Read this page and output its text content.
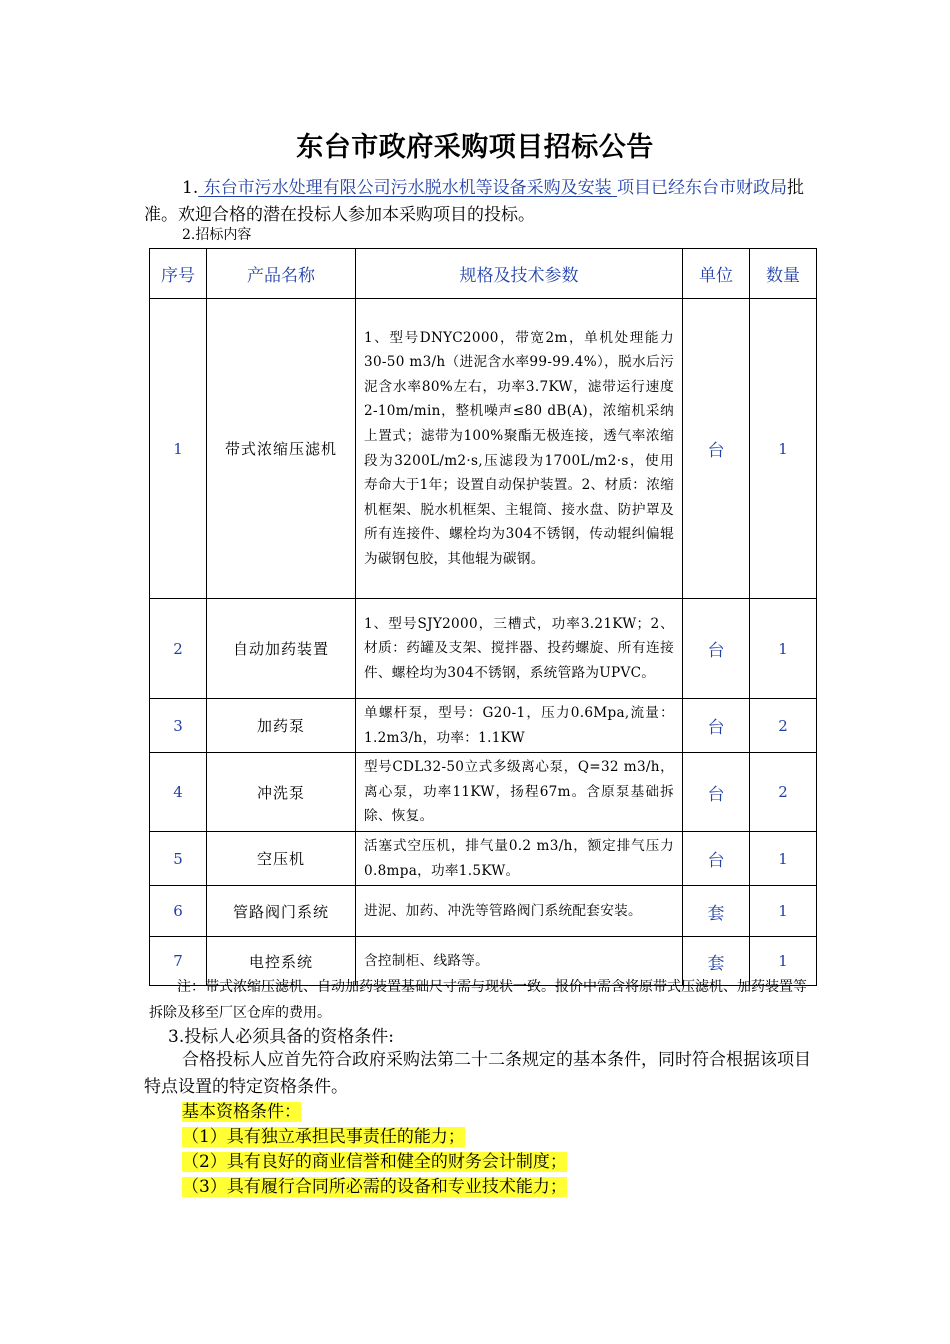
东台市政府采购项目招标公告
1. 东台市污水处理有限公司污水脱水机等设备采购及安装 项目已经东台市财政局批准。欢迎合格的潜在投标人参加本采购项目的投标。
2.招标内容
序号	产品名称	规格及技术参数	单位	数量
1	带式浓缩压滤机	1、型号DNYC2000，带宽2m，单机处理能力30-50 m3/h（进泥含水率99-99.4%），脱水后污泥含水率80%左右，功率3.7KW，滤带运行速度2-10m/min，整机噪声≤80 dB(A)，浓缩机采纳上置式；滤带为100%聚酯无极连接，透气率浓缩段为3200L/m2·s,压滤段为1700L/m2·s，使用寿命大于1年；设置自动保护装置。2、材质：浓缩机框架、脱水机框架、主辊筒、接水盘、防护罩及所有连接件、螺栓均为304不锈钢，传动辊纠偏辊为碳钢包胶，其他辊为碳钢。	台	1
2	自动加药装置	1、型号SJY2000，三槽式，功率3.21KW；2、材质：药罐及支架、搅拌器、投药螺旋、所有连接件、螺栓均为304不锈钢，系统管路为UPVC。	台	1
3	加药泵	单螺杆泵，型号：G20-1，压力0.6Mpa,流量：1.2m3/h，功率：1.1KW	台	2
4	冲洗泵	型号CDL32-50立式多级离心泵，Q=32 m3/h，离心泵，功率11KW，扬程67m。含原泵基础拆除、恢复。	台	2
5	空压机	活塞式空压机，排气量0.2 m3/h，额定排气压力0.8mpa，功率1.5KW。	台	1
6	管路阀门系统	进泥、加药、冲洗等管路阀门系统配套安装。	套	1
7	电控系统	含控制柜、线路等。	套	1
注：带式浓缩压滤机、自动加药装置基础尺寸需与现状一致。报价中需含将原带式压滤机、加药装置等拆除及移至厂区仓库的费用。
3.投标人必须具备的资格条件:
合格投标人应首先符合政府采购法第二十二条规定的基本条件，同时符合根据该项目特点设置的特定资格条件。
基本资格条件：
（1）具有独立承担民事责任的能力；
（2）具有良好的商业信誉和健全的财务会计制度；
（3）具有履行合同所必需的设备和专业技术能力；
